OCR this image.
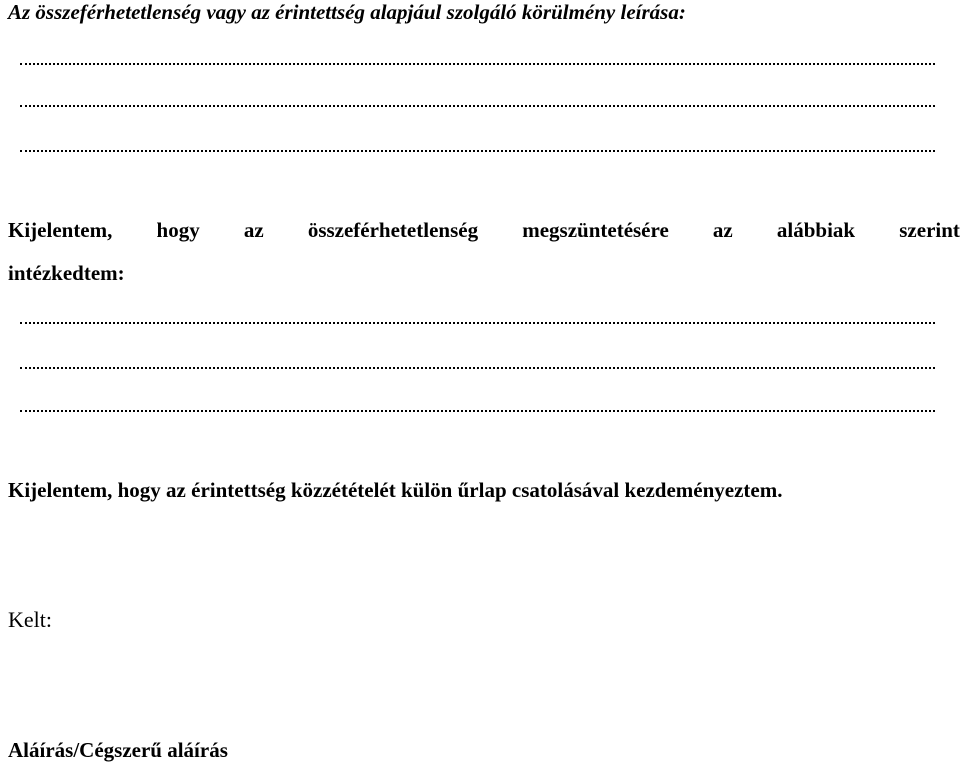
Az összeférhetetlenség vagy az érintettség alapjául szolgáló körülmény leírása:
Kijelentem, hogy az összeférhetetlenség megszüntetésére az alábbiak szerint
intézkedtem:
Kijelentem, hogy az érintettség közzétételét külön űrlap csatolásával kezdeményeztem.
Kelt:
Aláírás/Cégszerű aláírás
